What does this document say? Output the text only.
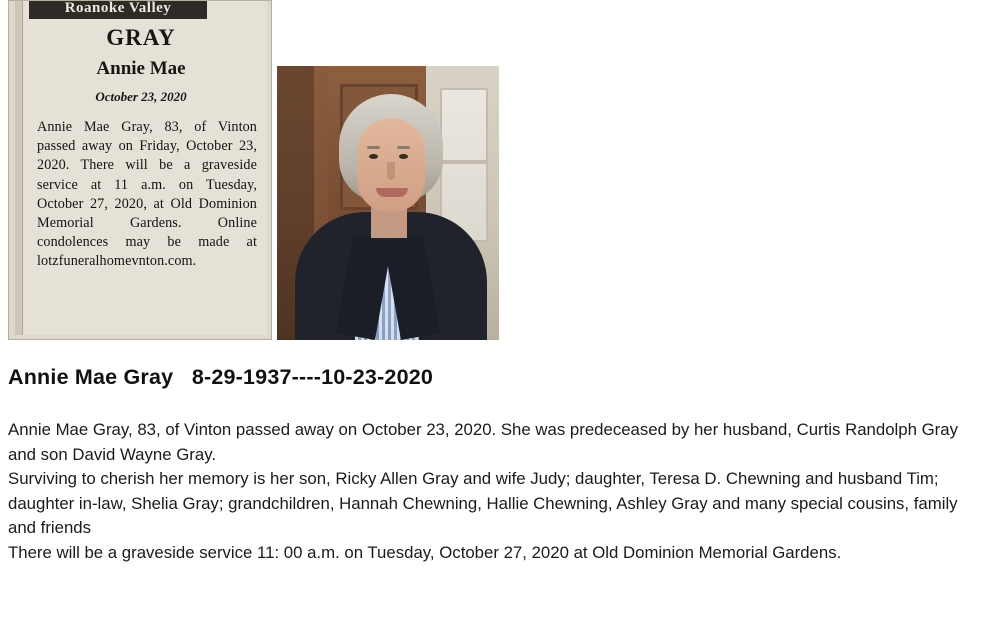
Roanoke Valley
GRAY
Annie Mae
October 23, 2020
Annie Mae Gray, 83, of Vinton passed away on Friday, October 23, 2020. There will be a graveside service at 11 a.m. on Tuesday, October 27, 2020, at Old Dominion Memorial Gardens. Online condolences may be made at lotzfuneralhomevnton.com.
Annie Mae Gray   8-29-1937----10-23-2020

Annie Mae Gray, 83, of Vinton passed away on October 23, 2020. She was predeceased by her husband, Curtis Randolph Gray and son David Wayne Gray.

Surviving to cherish her memory is her son, Ricky Allen Gray and wife Judy; daughter, Teresa D. Chewning and husband Tim; daughter in-law, Shelia Gray; grandchildren, Hannah Chewning, Hallie Chewning, Ashley Gray and many special cousins, family and friends

There will be a graveside service 11: 00 a.m. on Tuesday, October 27, 2020 at Old Dominion Memorial Gardens.
